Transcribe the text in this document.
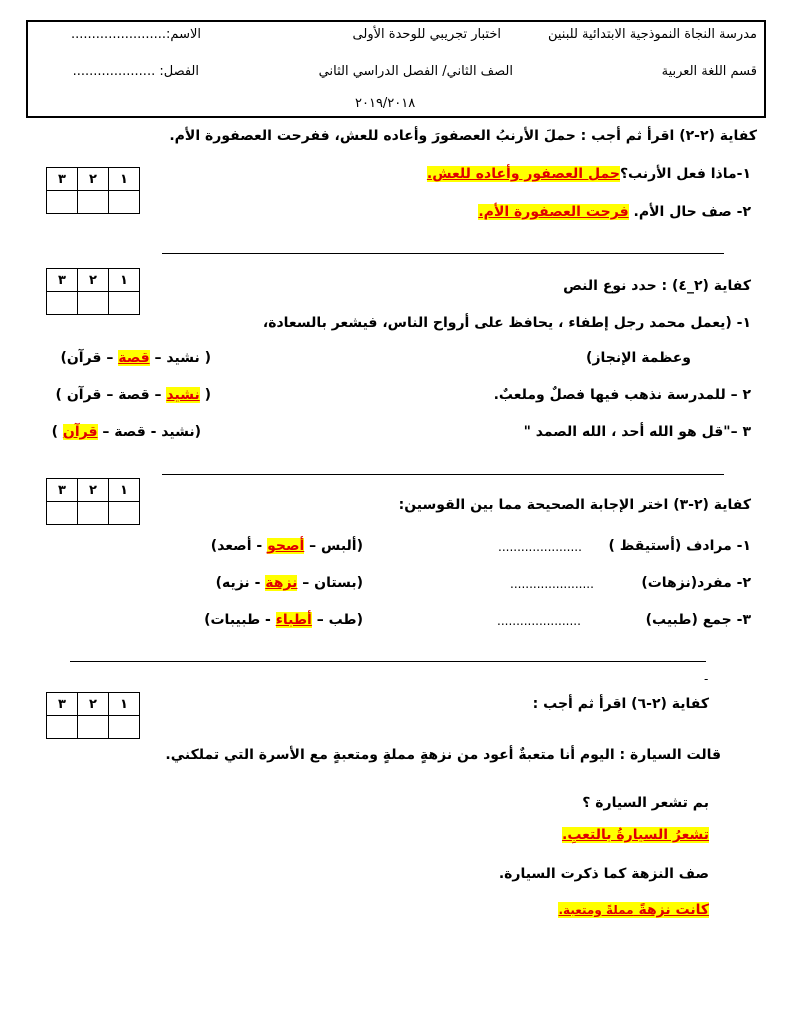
مدرسة النجاة النموذجية الابتدائية للبنين
اختبار تجريبي للوحدة الأولى
الاسم:.......................
قسم اللغة العربية
الصف الثاني/ الفصل الدراسي الثاني
الفصل: ....................
٢٠١٩/٢٠١٨
كفاية (٢-٢) اقرأ ثم أجب : حملَ الأرنبُ العصفورَ وأعاده للعش، ففرحت العصفورة الأم.
٣	٢	١
			١-ماذا فعل الأرنب؟حمل العصفور وأعاده للعش.
٢- صف حال الأم. فرحت العصفورة الأم.
٣	٢	١
			كفاية (٢_٤) : حدد نوع النص
١- (يعمل محمد رجل إطفاء ، يحافظ على أرواح الناس، فيشعر بالسعادة،
وعظمة الإنجاز)
( نشيد – قصة – قرآن)
٢ – للمدرسة نذهب فيها فصلٌ وملعبٌ.
( نشيد – قصة – قرآن )
٣ –"قل هو الله أحد ، الله الصمد "
(نشيد - قصة – قرآن )
٣	٢	١

كفاية (٢-٣) اختر الإجابة الصحيحة مما بين القوسين:
١- مرادف (أستيقظ )
......................
(ألبس – أصحو - أصعد)
٢- مفرد(نزهات)
......................
(بستان – نزهة - نزيه)
٣- جمع (طبيب)
......................
(طب – أطباء - طبيبات)
-
٣	٢	١
			كفاية (٢-٦) اقرأ ثم أجب :
قالت السيارة : اليوم أنا متعبةٌ أعود من نزهةٍ مملةٍ ومتعبةٍ مع الأسرة التي تملكني.
بم تشعر السيارة ؟
تشعرُ السيارةُ بالتعبِ.
صف النزهة كما ذكرت السيارة.
كانت نزهةً مملةً ومتعبة.
